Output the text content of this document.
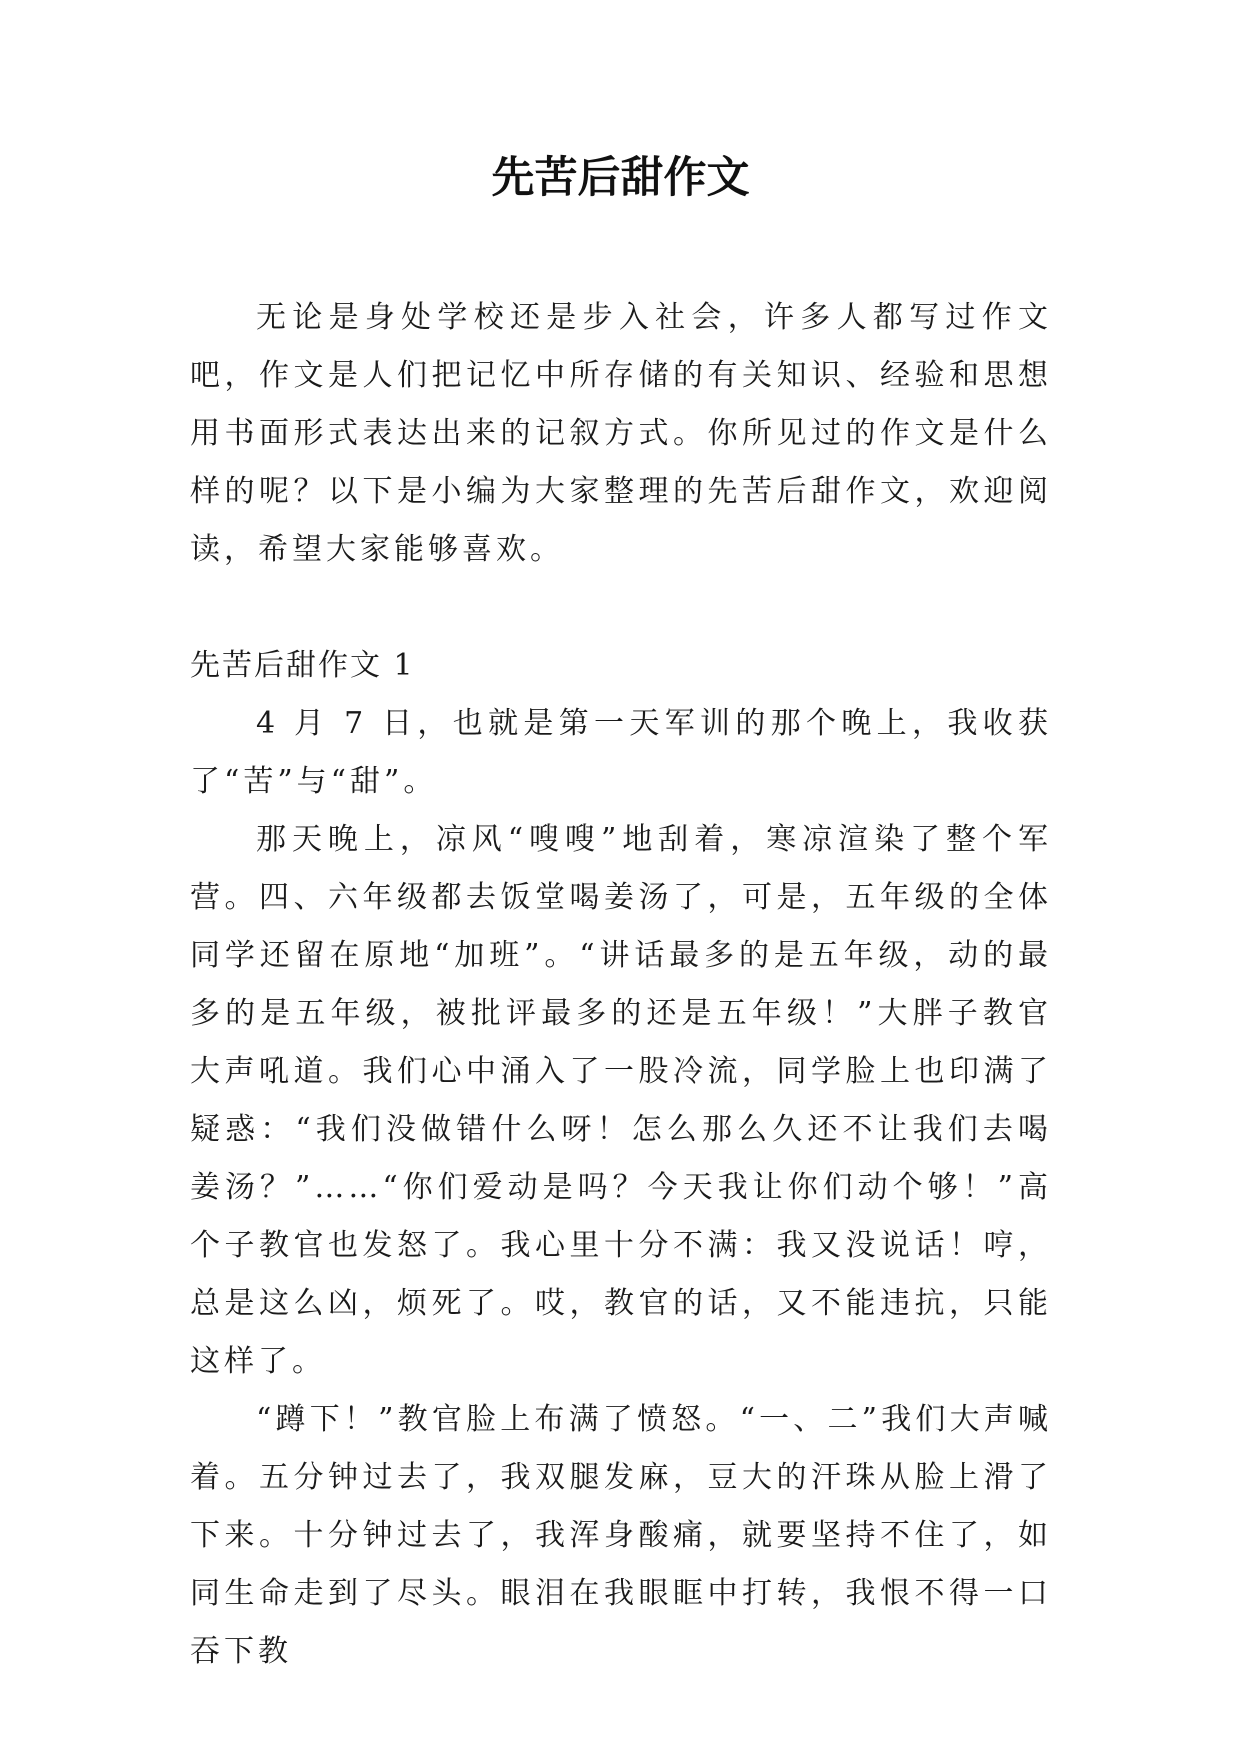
先苦后甜作文

无论是身处学校还是步入社会，许多人都写过作文吧，作文是人们把记忆中所存储的有关知识、经验和思想用书面形式表达出来的记叙方式。你所见过的作文是什么样的呢？以下是小编为大家整理的先苦后甜作文，欢迎阅读，希望大家能够喜欢。

先苦后甜作文 1

4 月 7 日，也就是第一天军训的那个晚上，我收获了“苦”与“甜”。

那天晚上，凉风“嗖嗖”地刮着，寒凉渲染了整个军营。四、六年级都去饭堂喝姜汤了，可是，五年级的全体同学还留在原地“加班”。“讲话最多的是五年级，动的最多的是五年级，被批评最多的还是五年级！”大胖子教官大声吼道。我们心中涌入了一股冷流，同学脸上也印满了疑惑：“我们没做错什么呀！怎么那么久还不让我们去喝姜汤？”……“你们爱动是吗？今天我让你们动个够！”高个子教官也发怒了。我心里十分不满：我又没说话！哼，总是这么凶，烦死了。哎，教官的话，又不能违抗，只能这样了。

“蹲下！”教官脸上布满了愤怒。“一、二”我们大声喊着。五分钟过去了，我双腿发麻，豆大的汗珠从脸上滑了下来。十分钟过去了，我浑身酸痛，就要坚持不住了，如同生命走到了尽头。眼泪在我眼眶中打转，我恨不得一口吞下教
